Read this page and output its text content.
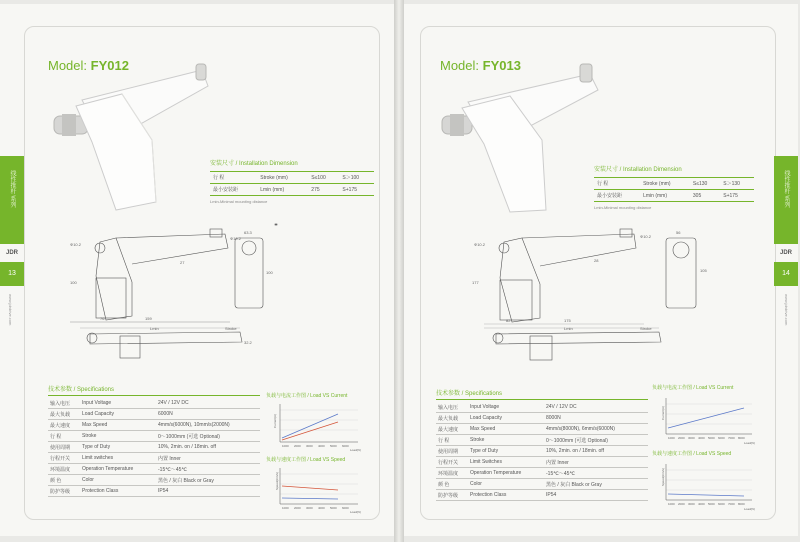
Model: FY012
线性推杆 系列
JDR
13
www.jdrdrive.com
安装尺寸 / Installation Dimension
行 程	Stroke (mm)	S≤100	S＞100
最小安装距	Lmin (mm)	275	S+175
Lmin-Minimal mounting distance
Φ10.2
Φ10.2
27
159
76
100
63.3
100
Lmin	Stroke
32.2
技术参数 / Specifications
输入电压	Input Voltage	24V / 12V DC
最大负载	Load Capacity	6000N
最大速度	Max Speed	4mm/s(6000N), 10mm/s(2000N)
行 程	Stroke	0～1000mm (可选 Optional)
使用周期	Type of Duty	10%, 2min. on / 18min. off
行程开关	Limit switches	内置 Inner
环境温度	Operation Temperature	-15℃～45℃
颜 色	Color	黑色 / 灰白 Black or Gray
防护等级	Protection Class	IP54
负载与电流工作图 / Load VS Current
Current(A)
1000 2000 3000 4000 5000 6000
Load(N)
负载与速度工作图 / Load VS Speed
Speed(mm/s)
1000 2000 3000 4000 5000 6000
Load(N)
Model: FY013
线性推杆 系列
JDR
14
www.jdrdrive.com
安装尺寸 / Installation Dimension
行 程	Stroke (mm)	S≤130	S＞130
最小安装距	Lmin (mm)	305	S+175
Lmin-Minimal mounting distance
Φ10.2
Φ10.2
28
175
82
177
105
56
Lmin	Stroke
技术参数 / Specifications
输入电压	Input Voltage	24V / 12V DC
最大负载	Load Capacity	8000N
最大速度	Max Speed	4mm/s(8000N), 6mm/s(6000N)
行 程	Stroke	0～1000mm (可选 Optional)
使用周期	Type of Duty	10%, 2min. on / 18min. off
行程开关	Limit Switches	内置 Inner
环境温度	Operation Temperature	-15℃～45℃
颜 色	Color	黑色 / 灰白 Black or Gray
防护等级	Protection Class	IP54
负载与电流工作图 / Load VS Current
Current(A)
1000 2000 3000 4000 5000 6000 7000 8000
Load(N)
负载与速度工作图 / Load VS Speed
Speed(mm/s)
1000 2000 3000 4000 5000 6000 7000 8000
Load(N)
